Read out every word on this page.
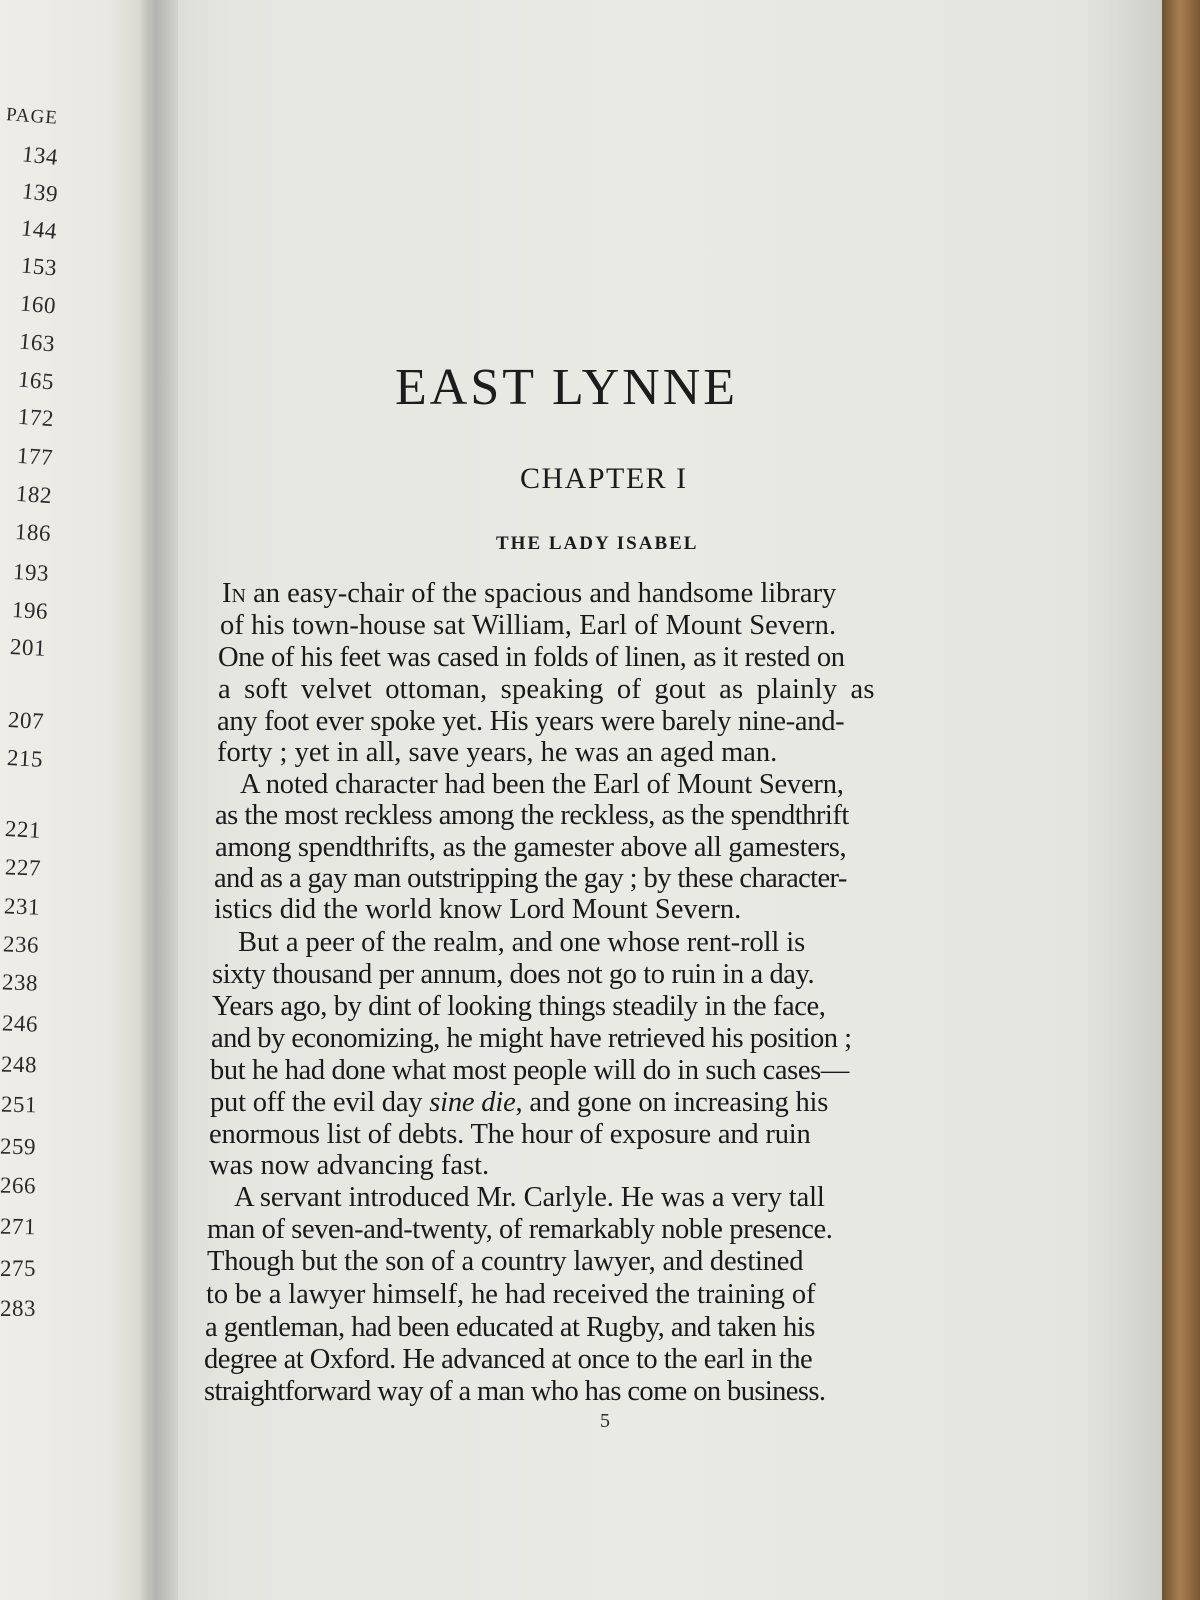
PAGE
134
139
144
153
160
163
165
172
177
182
186
193
196
201
207
215
221
227
231
236
238
246
248
251
259
266
271
275
283
EAST LYNNE
CHAPTER I
THE LADY ISABEL
In an easy-chair of the spacious and handsome library
of his town-house sat William, Earl of Mount Severn.
One of his feet was cased in folds of linen, as it rested on
a soft velvet ottoman, speaking of gout as plainly as
any foot ever spoke yet. His years were barely nine-and-
forty ; yet in all, save years, he was an aged man.
A noted character had been the Earl of Mount Severn,
as the most reckless among the reckless, as the spendthrift
among spendthrifts, as the gamester above all gamesters,
and as a gay man outstripping the gay ; by these character-
istics did the world know Lord Mount Severn.
But a peer of the realm, and one whose rent-roll is
sixty thousand per annum, does not go to ruin in a day.
Years ago, by dint of looking things steadily in the face,
and by economizing, he might have retrieved his position ;
but he had done what most people will do in such cases—
put off the evil day sine die, and gone on increasing his
enormous list of debts. The hour of exposure and ruin
was now advancing fast.
A servant introduced Mr. Carlyle. He was a very tall
man of seven-and-twenty, of remarkably noble presence.
Though but the son of a country lawyer, and destined
to be a lawyer himself, he had received the training of
a gentleman, had been educated at Rugby, and taken his
degree at Oxford. He advanced at once to the earl in the
straightforward way of a man who has come on business.
5
